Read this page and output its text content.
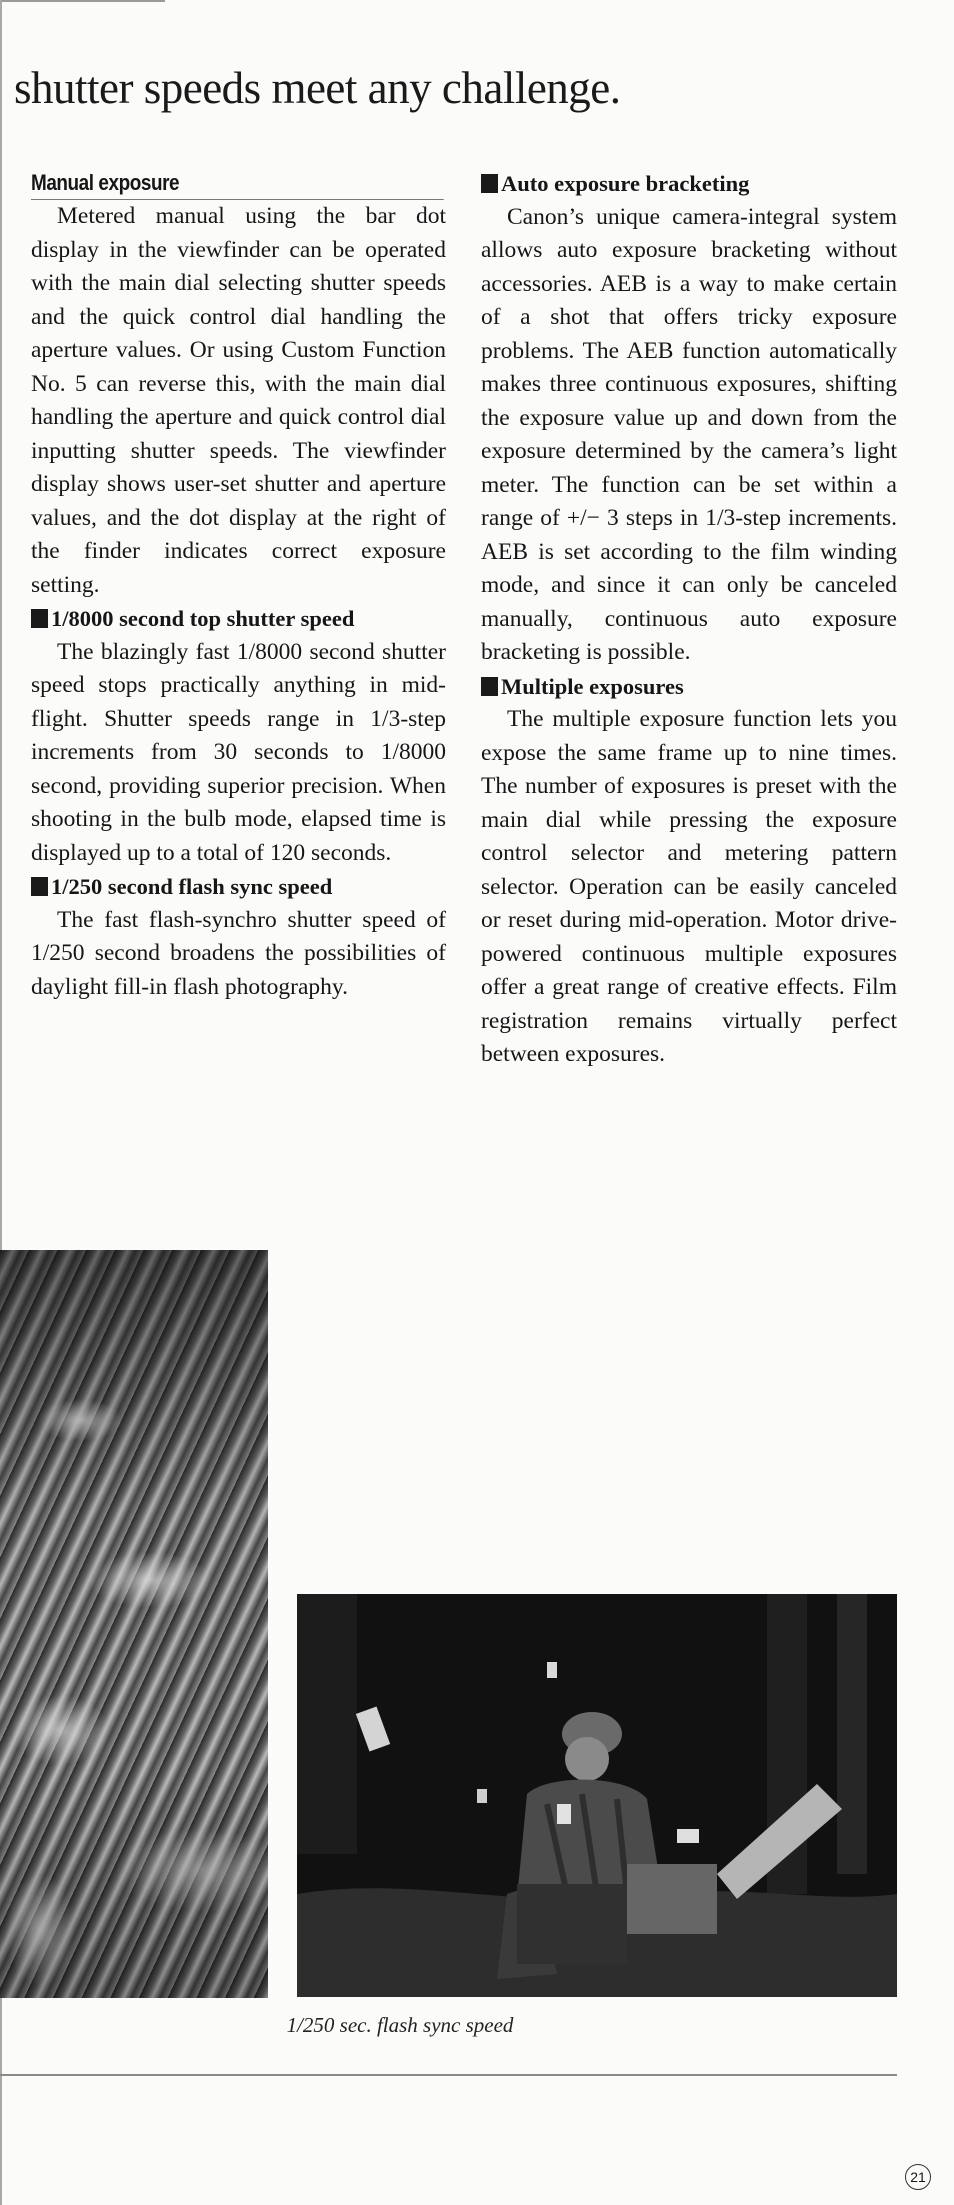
shutter speeds meet any challenge.
Manual exposure

Metered manual using the bar dot display in the viewfinder can be operated with the main dial selecting shutter speeds and the quick control dial handling the aperture values. Or using Custom Function No. 5 can reverse this, with the main dial handling the aperture and quick control dial inputting shutter speeds. The viewfinder display shows user-set shutter and aperture values, and the dot display at the right of the finder indicates correct exposure setting.

1/8000 second top shutter speed

The blazingly fast 1/8000 second shutter speed stops practically anything in mid-flight. Shutter speeds range in 1/3-step increments from 30 seconds to 1/8000 second, providing superior precision. When shooting in the bulb mode, elapsed time is displayed up to a total of 120 seconds.

1/250 second flash sync speed

The fast flash-synchro shutter speed of 1/250 second broadens the possibilities of daylight fill-in flash photography.

Auto exposure bracketing

Canon’s unique camera-integral system allows auto exposure bracketing without accessories. AEB is a way to make certain of a shot that offers tricky exposure problems. The AEB function automatically makes three continuous exposures, shifting the exposure value up and down from the exposure determined by the camera’s light meter. The function can be set within a range of +/− 3 steps in 1/3-step increments. AEB is set according to the film winding mode, and since it can only be canceled manually, continuous auto exposure bracketing is possible.

Multiple exposures

The multiple exposure function lets you expose the same frame up to nine times. The number of exposures is preset with the main dial while pressing the exposure control selector and metering pattern selector. Operation can be easily canceled or reset during mid-operation. Motor drive-powered continuous multiple exposures offer a great range of creative effects. Film registration remains virtually perfect between exposures.

1/250 sec. flash sync speed

21
